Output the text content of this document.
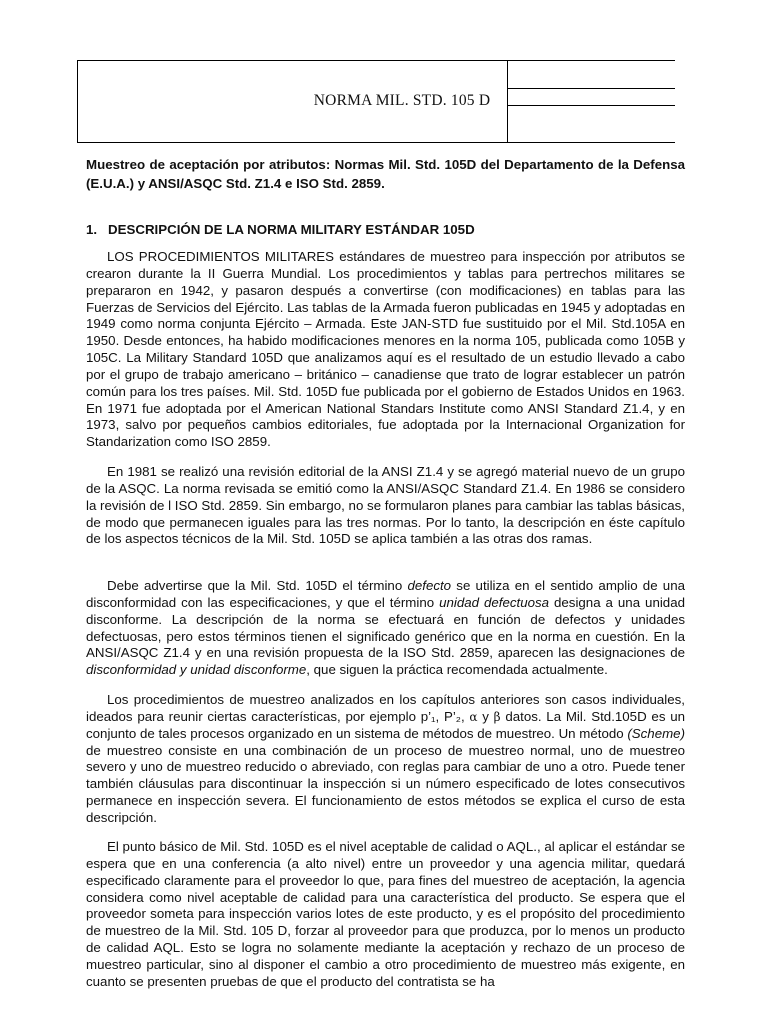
NORMA MIL. STD. 105 D
Muestreo de aceptación por atributos: Normas Mil. Std. 105D del Departamento de la Defensa (E.U.A.) y ANSI/ASQC Std. Z1.4 e ISO Std. 2859.
1. DESCRIPCIÓN DE LA NORMA MILITARY ESTÁNDAR 105D

LOS PROCEDIMIENTOS MILITARES estándares de muestreo para inspección por atributos se crearon durante la II Guerra Mundial. Los procedimientos y tablas para pertrechos militares se prepararon en 1942, y pasaron después a convertirse (con modificaciones) en tablas para las Fuerzas de Servicios del Ejército. Las tablas de la Armada fueron publicadas en 1945 y adoptadas en 1949 como norma conjunta Ejército – Armada. Este JAN-STD fue sustituido por el Mil. Std.105A en 1950. Desde entonces, ha habido modificaciones menores en la norma 105, publicada como 105B y 105C. La Military Standard 105D que analizamos aquí es el resultado de un estudio llevado a cabo por el grupo de trabajo americano – británico – canadiense que trato de lograr establecer un patrón común para los tres países. Mil. Std. 105D fue publicada por el gobierno de Estados Unidos en 1963. En 1971 fue adoptada por el American National Standars Institute como ANSI Standard Z1.4, y en 1973, salvo por pequeños cambios editoriales, fue adoptada por la Internacional Organization for Standarization como ISO 2859.

En 1981 se realizó una revisión editorial de la ANSI Z1.4 y se agregó material nuevo de un grupo de la ASQC. La norma revisada se emitió como la ANSI/ASQC Standard Z1.4. En 1986 se considero la revisión de l ISO Std. 2859. Sin embargo, no se formularon planes para cambiar las tablas básicas, de modo que permanecen iguales para las tres normas. Por lo tanto, la descripción en éste capítulo de los aspectos técnicos de la Mil. Std. 105D se aplica también a las otras dos ramas.

Debe advertirse que la Mil. Std. 105D el término defecto se utiliza en el sentido amplio de una disconformidad con las especificaciones, y que el término unidad defectuosa designa a una unidad disconforme. La descripción de la norma se efectuará en función de defectos y unidades defectuosas, pero estos términos tienen el significado genérico que en la norma en cuestión. En la ANSI/ASQC Z1.4 y en una revisión propuesta de la ISO Std. 2859, aparecen las designaciones de disconformidad y unidad disconforme, que siguen la práctica recomendada actualmente.

Los procedimientos de muestreo analizados en los capítulos anteriores son casos individuales, ideados para reunir ciertas características, por ejemplo p’₁, P’₂, α y β datos. La Mil. Std.105D es un conjunto de tales procesos organizado en un sistema de métodos de muestreo. Un método (Scheme) de muestreo consiste en una combinación de un proceso de muestreo normal, uno de muestreo severo y uno de muestreo reducido o abreviado, con reglas para cambiar de uno a otro. Puede tener también cláusulas para discontinuar la inspección si un número especificado de lotes consecutivos permanece en inspección severa. El funcionamiento de estos métodos se explica el curso de esta descripción.

El punto básico de Mil. Std. 105D es el nivel aceptable de calidad o AQL., al aplicar el estándar se espera que en una conferencia (a alto nivel) entre un proveedor y una agencia militar, quedará especificado claramente para el proveedor lo que, para fines del muestreo de aceptación, la agencia considera como nivel aceptable de calidad para una característica del producto. Se espera que el proveedor someta para inspección varios lotes de este producto, y es el propósito del procedimiento de muestreo de la Mil. Std. 105 D, forzar al proveedor para que produzca, por lo menos un producto de calidad AQL. Esto se logra no solamente mediante la aceptación y rechazo de un proceso de muestreo particular, sino al disponer el cambio a otro procedimiento de muestreo más exigente, en cuanto se presenten pruebas de que el producto del contratista se ha
